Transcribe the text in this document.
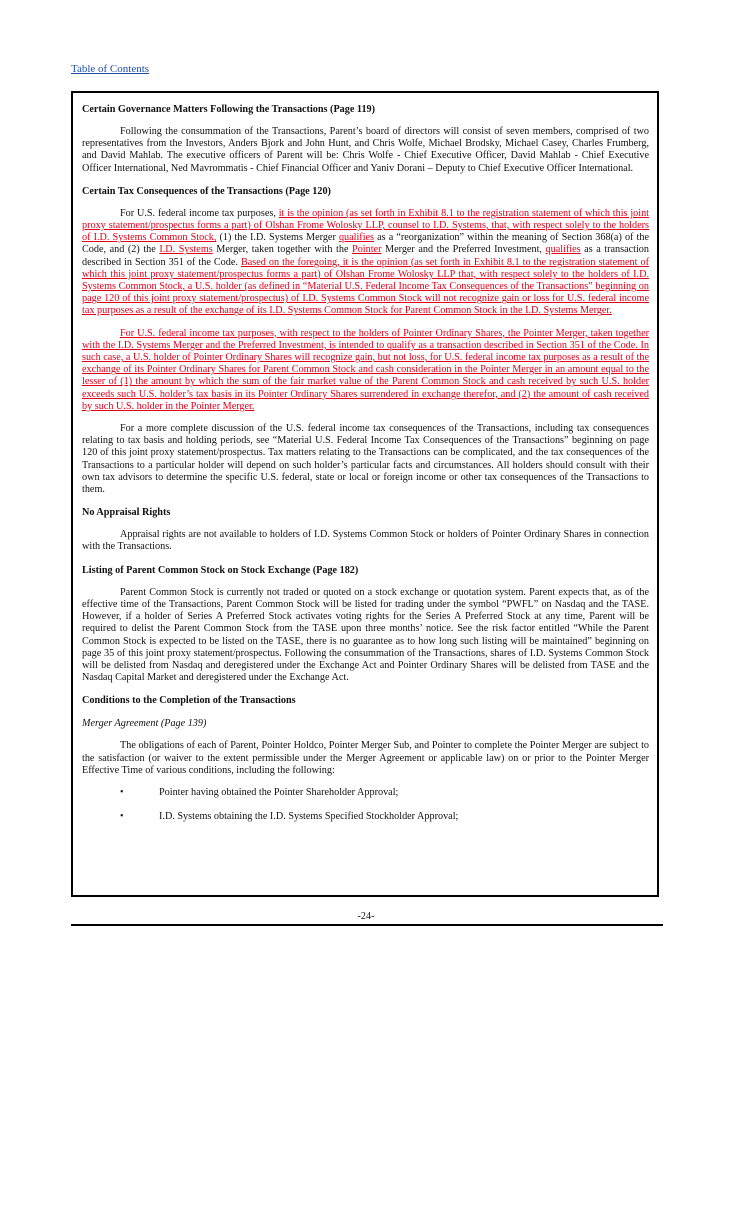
Table of Contents
Certain Governance Matters Following the Transactions (Page 119)

Following the consummation of the Transactions, Parent’s board of directors will consist of seven members, comprised of two representatives from the Investors, Anders Bjork and John Hunt, and Chris Wolfe, Michael Brodsky, Michael Casey, Charles Frumberg, and David Mahlab. The executive officers of Parent will be: Chris Wolfe - Chief Executive Officer, David Mahlab - Chief Executive Officer International, Ned Mavrommatis - Chief Financial Officer and Yaniv Dorani – Deputy to Chief Executive Officer International.

Certain Tax Consequences of the Transactions (Page 120)

For U.S. federal income tax purposes, it is the opinion (as set forth in Exhibit 8.1 to the registration statement of which this joint proxy statement/prospectus forms a part) of Olshan Frome Wolosky LLP, counsel to I.D. Systems, that, with respect solely to the holders of I.D. Systems Common Stock, (1) the I.D. Systems Merger qualifies as a “reorganization” within the meaning of Section 368(a) of the Code, and (2) the I.D. Systems Merger, taken together with the Pointer Merger and the Preferred Investment, qualifies as a transaction described in Section 351 of the Code. Based on the foregoing, it is the opinion (as set forth in Exhibit 8.1 to the registration statement of which this joint proxy statement/prospectus forms a part) of Olshan Frome Wolosky LLP that, with respect solely to the holders of I.D. Systems Common Stock, a U.S. holder (as defined in “Material U.S. Federal Income Tax Consequences of the Transactions” beginning on page 120 of this joint proxy statement/prospectus) of I.D. Systems Common Stock will not recognize gain or loss for U.S. federal income tax purposes as a result of the exchange of its I.D. Systems Common Stock for Parent Common Stock in the I.D. Systems Merger.

For U.S. federal income tax purposes, with respect to the holders of Pointer Ordinary Shares, the Pointer Merger, taken together with the I.D. Systems Merger and the Preferred Investment, is intended to qualify as a transaction described in Section 351 of the Code. In such case, a U.S. holder of Pointer Ordinary Shares will recognize gain, but not loss, for U.S. federal income tax purposes as a result of the exchange of its Pointer Ordinary Shares for Parent Common Stock and cash consideration in the Pointer Merger in an amount equal to the lesser of (1) the amount by which the sum of the fair market value of the Parent Common Stock and cash received by such U.S. holder exceeds such U.S. holder’s tax basis in its Pointer Ordinary Shares surrendered in exchange therefor, and (2) the amount of cash received by such U.S. holder in the Pointer Merger.

For a more complete discussion of the U.S. federal income tax consequences of the Transactions, including tax consequences relating to tax basis and holding periods, see “Material U.S. Federal Income Tax Consequences of the Transactions” beginning on page 120 of this joint proxy statement/prospectus. Tax matters relating to the Transactions can be complicated, and the tax consequences of the Transactions to a particular holder will depend on such holder’s particular facts and circumstances. All holders should consult with their own tax advisors to determine the specific U.S. federal, state or local or foreign income or other tax consequences of the Transactions to them.

No Appraisal Rights

Appraisal rights are not available to holders of I.D. Systems Common Stock or holders of Pointer Ordinary Shares in connection with the Transactions.

Listing of Parent Common Stock on Stock Exchange (Page 182)

Parent Common Stock is currently not traded or quoted on a stock exchange or quotation system. Parent expects that, as of the effective time of the Transactions, Parent Common Stock will be listed for trading under the symbol “PWFL” on Nasdaq and the TASE. However, if a holder of Series A Preferred Stock activates voting rights for the Series A Preferred Stock at any time, Parent will be required to delist the Parent Common Stock from the TASE upon three months’ notice. See the risk factor entitled “While the Parent Common Stock is expected to be listed on the TASE, there is no guarantee as to how long such listing will be maintained” beginning on page 35 of this joint proxy statement/prospectus. Following the consummation of the Transactions, shares of I.D. Systems Common Stock will be delisted from Nasdaq and deregistered under the Exchange Act and Pointer Ordinary Shares will be delisted from TASE and the Nasdaq Capital Market and deregistered under the Exchange Act.

Conditions to the Completion of the Transactions
Merger Agreement (Page 139)

The obligations of each of Parent, Pointer Holdco, Pointer Merger Sub, and Pointer to complete the Pointer Merger are subject to the satisfaction (or waiver to the extent permissible under the Merger Agreement or applicable law) on or prior to the Pointer Merger Effective Time of various conditions, including the following:

•	Pointer having obtained the Pointer Shareholder Approval;
•	I.D. Systems obtaining the I.D. Systems Specified Stockholder Approval;
-24-
